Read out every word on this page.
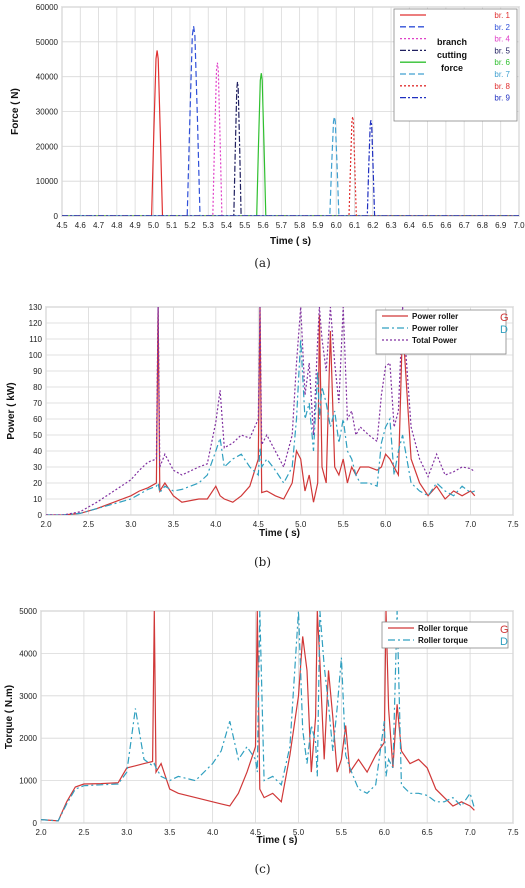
4.5 4.6 4.7 4.8 4.9 5.0 5.1 5.2 5.3 5.4 5.5 5.6 5.7 5.8 5.9 6.0 6.1 6.2 6.3 6.4 6.5 6.6 6.7 6.8 6.9 7.0
0
10000
20000
30000
40000
50000
60000
Time ( s)
Force ( N)
br. 1
br. 2
br. 4
br. 5
br. 6
br. 7
br. 8
br. 9
branch
cutting
force
(a)
2.0	2.5	3.0	3.5	4.0	4.5	5.0	5.5	6.0	6.5	7.0	7.5
0
10
20
30
40
50
60
70
80
90
100
110
120
130
Time ( s)
Power ( kW)
Power roller	G
Power roller	D
Total Power
(b)
2.0	2.5	3.0	3.5	4.0	4.5	5.0	5.5	6.0	6.5	7.0	7.5
0
1000
2000
3000
4000
5000
Time ( s)
Torque ( N.m)
Roller torque	G
Roller torque	D
(c)
